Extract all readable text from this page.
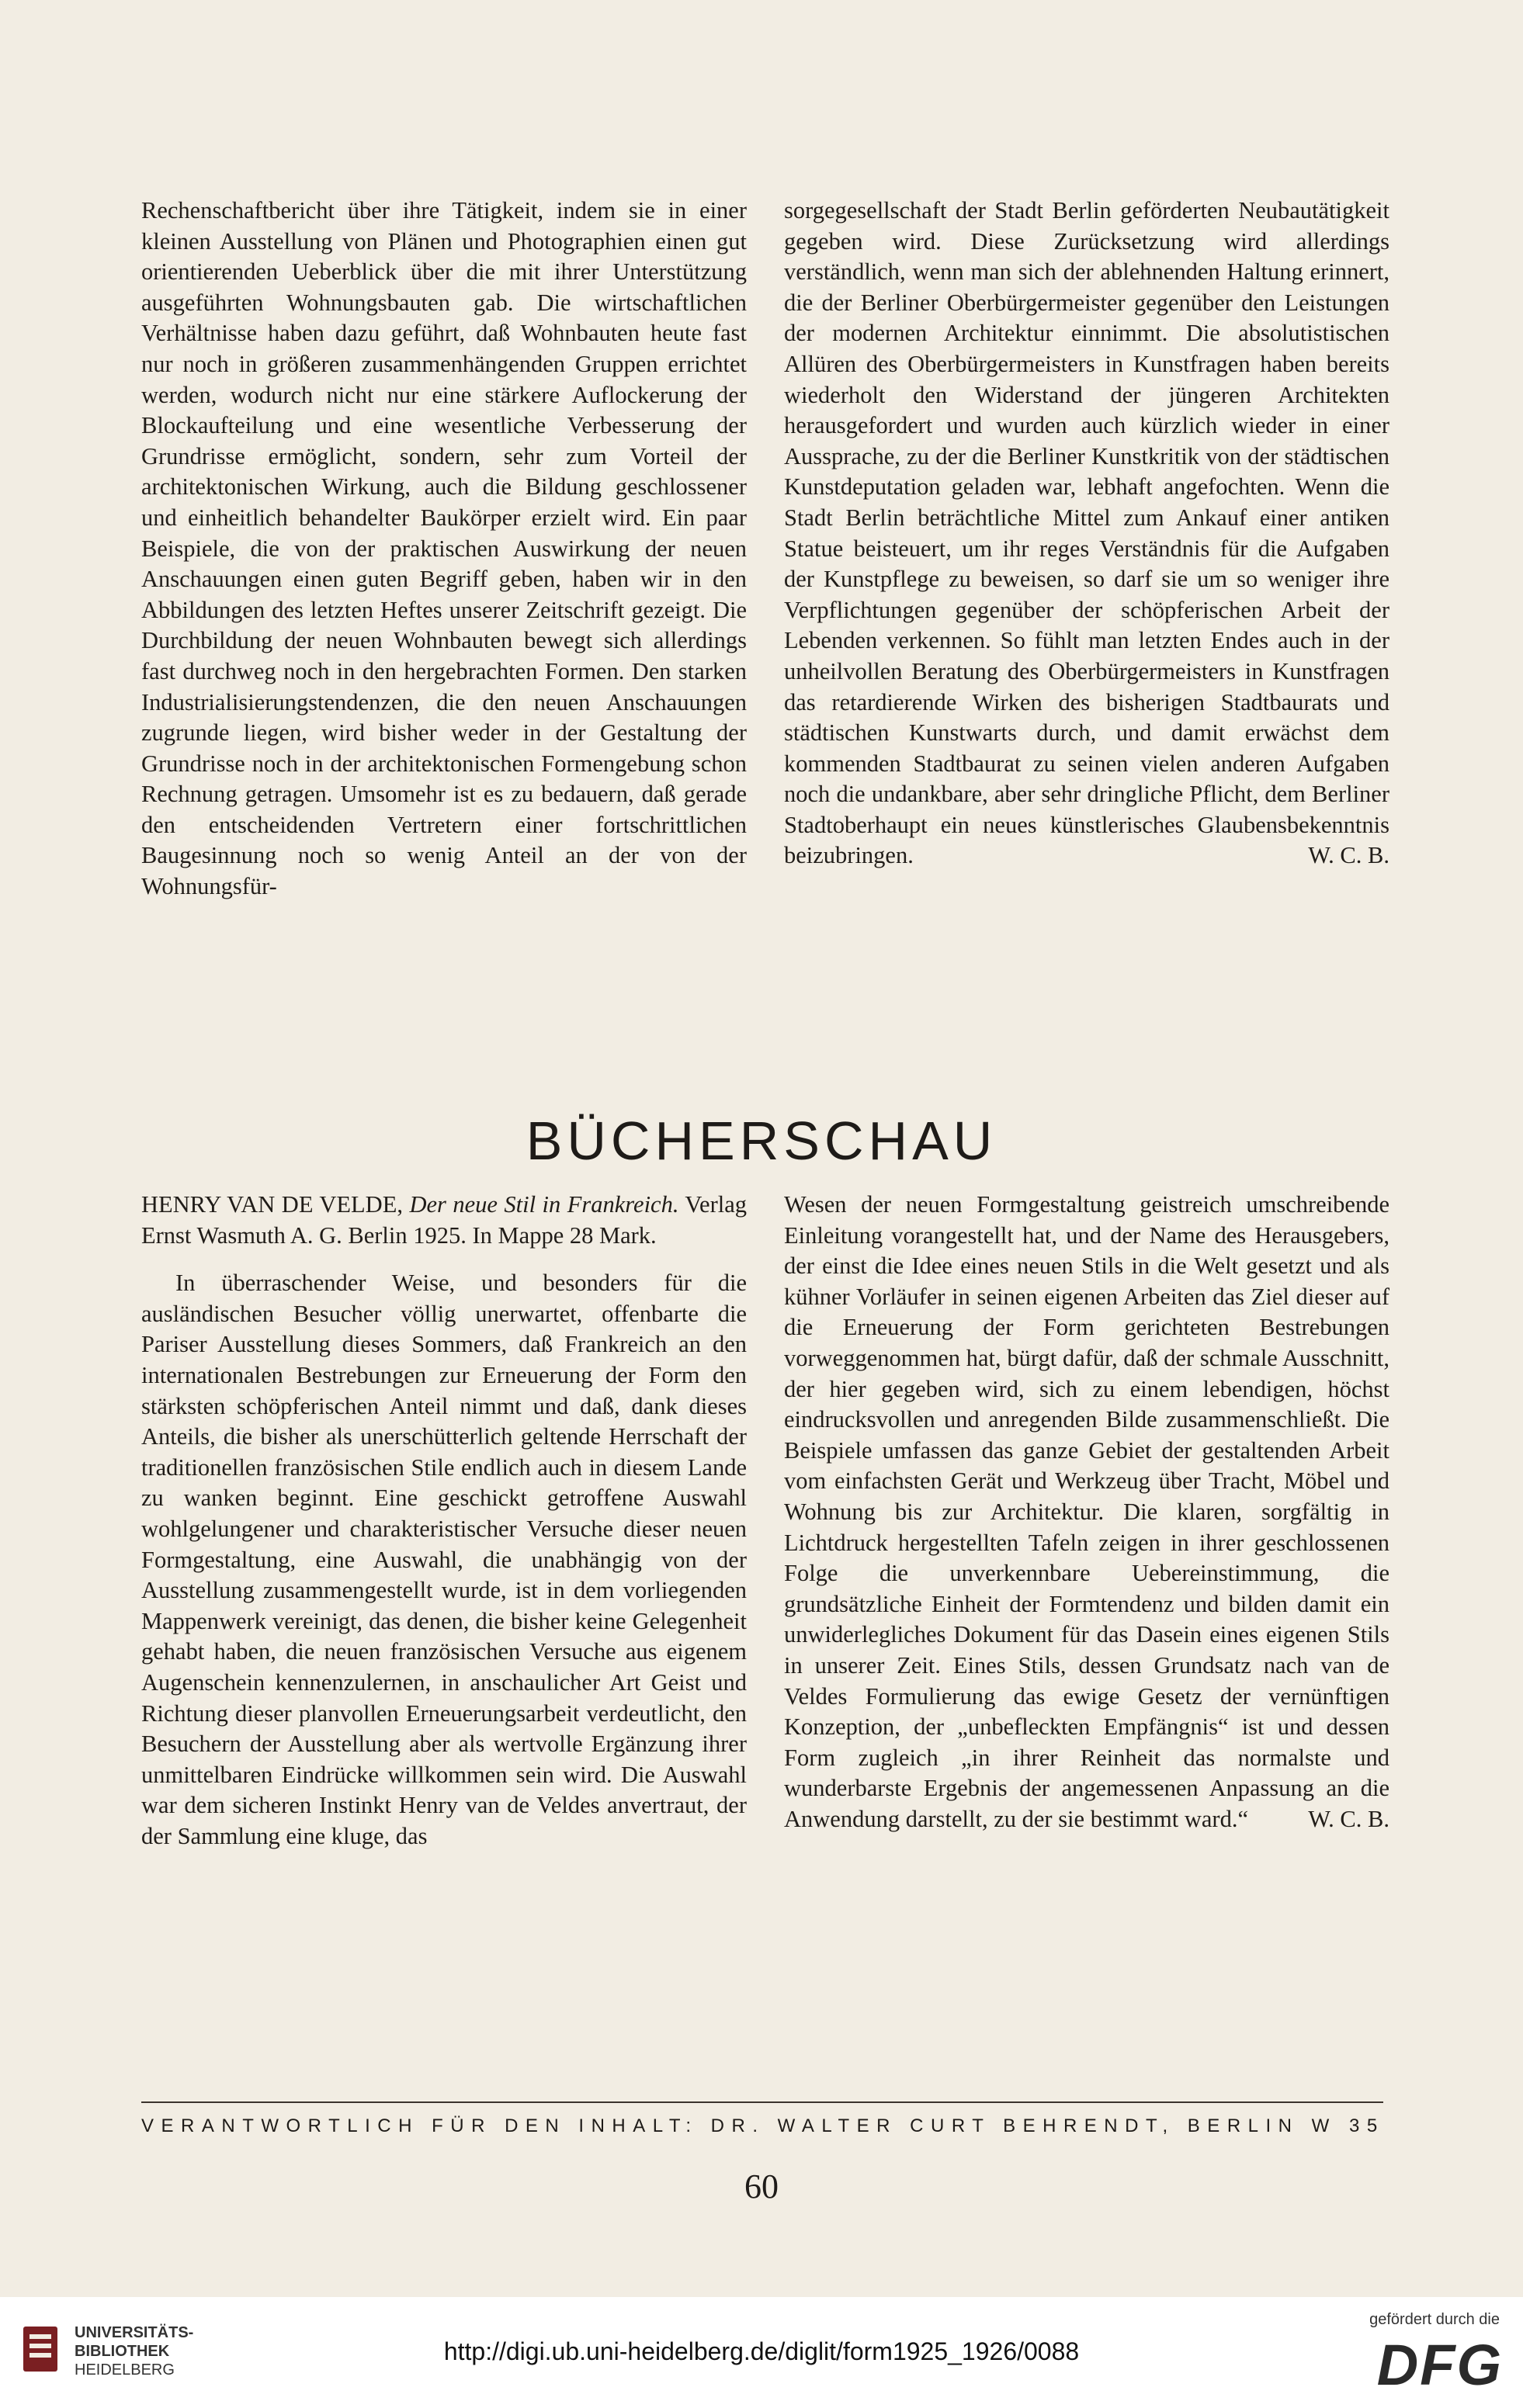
Rechenschaftbericht über ihre Tätigkeit, indem sie in einer kleinen Ausstellung von Plänen und Photographien einen gut orientierenden Ueberblick über die mit ihrer Unterstützung ausgeführten Wohnungsbauten gab. Die wirtschaftlichen Verhältnisse haben dazu geführt, daß Wohnbauten heute fast nur noch in größeren zusammenhängenden Gruppen errichtet werden, wodurch nicht nur eine stärkere Auflockerung der Blockaufteilung und eine wesentliche Verbesserung der Grundrisse ermöglicht, sondern, sehr zum Vorteil der architektonischen Wirkung, auch die Bildung geschlossener und einheitlich behandelter Baukörper erzielt wird. Ein paar Beispiele, die von der praktischen Auswirkung der neuen Anschauungen einen guten Begriff geben, haben wir in den Abbildungen des letzten Heftes unserer Zeitschrift gezeigt. Die Durchbildung der neuen Wohnbauten bewegt sich allerdings fast durchweg noch in den hergebrachten Formen. Den starken Industrialisierungstendenzen, die den neuen Anschauungen zugrunde liegen, wird bisher weder in der Gestaltung der Grundrisse noch in der architektonischen Formengebung schon Rechnung getragen. Umsomehr ist es zu bedauern, daß gerade den entscheidenden Vertretern einer fortschrittlichen Baugesinnung noch so wenig Anteil an der von der Wohnungsfür-

sorgegesellschaft der Stadt Berlin geförderten Neubautätigkeit gegeben wird. Diese Zurücksetzung wird allerdings verständlich, wenn man sich der ablehnenden Haltung erinnert, die der Berliner Oberbürgermeister gegenüber den Leistungen der modernen Architektur einnimmt. Die absolutistischen Allüren des Oberbürgermeisters in Kunstfragen haben bereits wiederholt den Widerstand der jüngeren Architekten herausgefordert und wurden auch kürzlich wieder in einer Aussprache, zu der die Berliner Kunstkritik von der städtischen Kunstdeputation geladen war, lebhaft angefochten. Wenn die Stadt Berlin beträchtliche Mittel zum Ankauf einer antiken Statue beisteuert, um ihr reges Verständnis für die Aufgaben der Kunstpflege zu beweisen, so darf sie um so weniger ihre Verpflichtungen gegenüber der schöpferischen Arbeit der Lebenden verkennen. So fühlt man letzten Endes auch in der unheilvollen Beratung des Oberbürgermeisters in Kunstfragen das retardierende Wirken des bisherigen Stadtbaurats und städtischen Kunstwarts durch, und damit erwächst dem kommenden Stadtbaurat zu seinen vielen anderen Aufgaben noch die undankbare, aber sehr dringliche Pflicht, dem Berliner Stadtoberhaupt ein neues künstlerisches Glaubensbekenntnis beizubringen.	W. C. B.

BÜCHERSCHAU

HENRY VAN DE VELDE, Der neue Stil in Frankreich. Verlag Ernst Wasmuth A. G. Berlin 1925. In Mappe 28 Mark.

In überraschender Weise, und besonders für die ausländischen Besucher völlig unerwartet, offenbarte die Pariser Ausstellung dieses Sommers, daß Frankreich an den internationalen Bestrebungen zur Erneuerung der Form den stärksten schöpferischen Anteil nimmt und daß, dank dieses Anteils, die bisher als unerschütterlich geltende Herrschaft der traditionellen französischen Stile endlich auch in diesem Lande zu wanken beginnt. Eine geschickt getroffene Auswahl wohlgelungener und charakteristischer Versuche dieser neuen Formgestaltung, eine Auswahl, die unabhängig von der Ausstellung zusammengestellt wurde, ist in dem vorliegenden Mappenwerk vereinigt, das denen, die bisher keine Gelegenheit gehabt haben, die neuen französischen Versuche aus eigenem Augenschein kennenzulernen, in anschaulicher Art Geist und Richtung dieser planvollen Erneuerungsarbeit verdeutlicht, den Besuchern der Ausstellung aber als wertvolle Ergänzung ihrer unmittelbaren Eindrücke willkommen sein wird. Die Auswahl war dem sicheren Instinkt Henry van de Veldes anvertraut, der der Sammlung eine kluge, das

Wesen der neuen Formgestaltung geistreich umschreibende Einleitung vorangestellt hat, und der Name des Herausgebers, der einst die Idee eines neuen Stils in die Welt gesetzt und als kühner Vorläufer in seinen eigenen Arbeiten das Ziel dieser auf die Erneuerung der Form gerichteten Bestrebungen vorweggenommen hat, bürgt dafür, daß der schmale Ausschnitt, der hier gegeben wird, sich zu einem lebendigen, höchst eindrucksvollen und anregenden Bilde zusammenschließt. Die Beispiele umfassen das ganze Gebiet der gestaltenden Arbeit vom einfachsten Gerät und Werkzeug über Tracht, Möbel und Wohnung bis zur Architektur. Die klaren, sorgfältig in Lichtdruck hergestellten Tafeln zeigen in ihrer geschlossenen Folge die unverkennbare Uebereinstimmung, die grundsätzliche Einheit der Formtendenz und bilden damit ein unwiderlegliches Dokument für das Dasein eines eigenen Stils in unserer Zeit. Eines Stils, dessen Grundsatz nach van de Veldes Formulierung das ewige Gesetz der vernünftigen Konzeption, der „unbefleckten Empfängnis“ ist und dessen Form zugleich „in ihrer Reinheit das normalste und wunderbarste Ergebnis der angemessenen Anpassung an die Anwendung darstellt, zu der sie bestimmt ward.“	W. C. B.

VERANTWORTLICH FÜR DEN INHALT: DR. WALTER CURT BEHRENDT, BERLIN W 35
60
UNIVERSITÄTS-
BIBLIOTHEK
HEIDELBERG
http://digi.ub.uni-heidelberg.de/diglit/form1925_1926/0088
gefördert durch die
DFG
